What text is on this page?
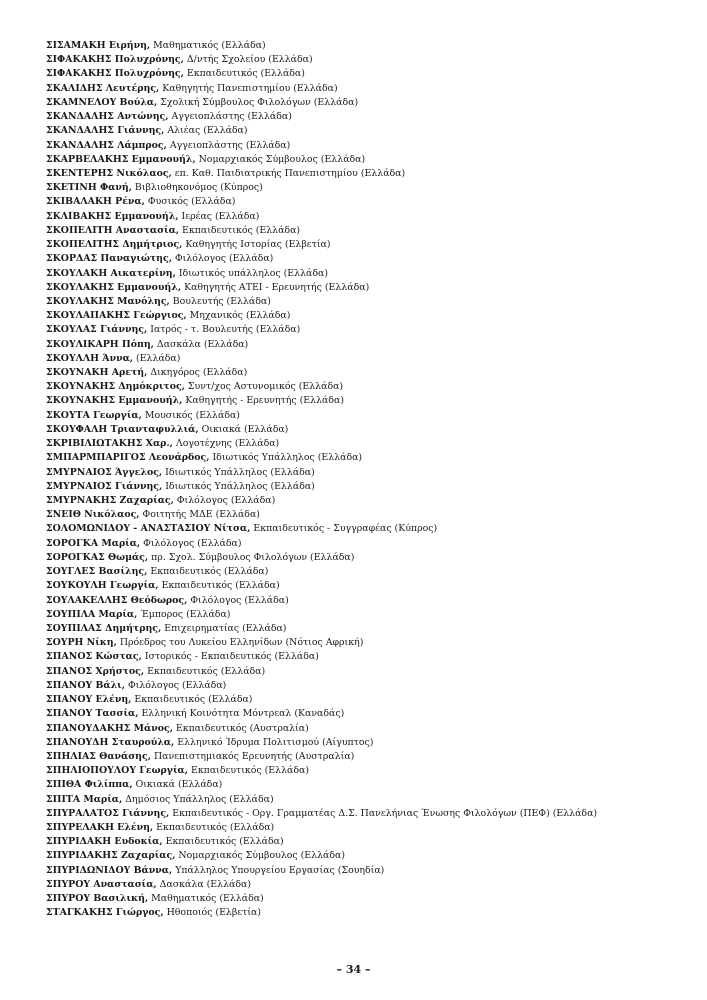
ΣΙΣΑΜΑΚΗ Ειρήνη, Μαθηματικός (Ελλάδα)
ΣΙΦΑΚΑΚΗΣ Πολυχρόνης, Δ/ντής Σχολείου (Ελλάδα)
ΣΙΦΑΚΑΚΗΣ Πολυχρόνης, Εκπαιδευτικός (Ελλάδα)
ΣΚΑΛΙΔΗΣ Λευτέρης, Καθηγητής Πανεπιστημίου (Ελλάδα)
ΣΚΑΜΝΕΛΟΥ Βούλα, Σχολική Σύμβουλος Φιλολόγων (Ελλάδα)
ΣΚΑΝΔΑΛΗΣ Αντώνης, Αγγειοπλάστης (Ελλάδα)
ΣΚΑΝΔΑΛΗΣ Γιάννης, Αλιέας (Ελλάδα)
ΣΚΑΝΔΑΛΗΣ Λάμπρος, Αγγειοπλάστης (Ελλάδα)
ΣΚΑΡΒΕΛΑΚΗΣ Εμμανουήλ, Νομαρχιακός Σύμβουλος (Ελλάδα)
ΣΚΕΝΤΕΡΗΣ Νικόλαος, επ. Καθ. Παιδιατρικής Πανεπιστημίου (Ελλάδα)
ΣΚΕΤΙΝΗ Φανή, Βιβλιοθηκονόμος (Κύπρος)
ΣΚΙΒΑΛΑΚΗ Ρένα, Φυσικός (Ελλάδα)
ΣΚΛΙΒΑΚΗΣ Εμμανουήλ, Ιερέας (Ελλάδα)
ΣΚΟΠΕΛΙΤΗ Αναστασία, Εκπαιδευτικός (Ελλάδα)
ΣΚΟΠΕΛΙΤΗΣ Δημήτριος, Καθηγητής Ιστορίας (Ελβετία)
ΣΚΟΡΔΑΣ Παναγιώτης, Φιλόλογος (Ελλάδα)
ΣΚΟΥΛΑΚΗ Αικατερίνη, Ιδιωτικός υπάλληλος (Ελλάδα)
ΣΚΟΥΛΑΚΗΣ Εμμανουήλ, Καθηγητής ΑΤΕΙ - Ερευνητής (Ελλάδα)
ΣΚΟΥΛΑΚΗΣ Μανόλης, Βουλευτής (Ελλάδα)
ΣΚΟΥΛΑΠΑΚΗΣ Γεώργιος, Μηχανικός (Ελλάδα)
ΣΚΟΥΛΑΣ Γιάννης, Ιατρός - τ. Βουλευτής (Ελλάδα)
ΣΚΟΥΛΙΚΑΡΗ Πόπη, Δασκάλα (Ελλάδα)
ΣΚΟΥΛΛΗ Άννα, (Ελλάδα)
ΣΚΟΥΝΑΚΗ Αρετή, Δικηγόρος (Ελλάδα)
ΣΚΟΥΝΑΚΗΣ Δημόκριτος, Συντ/χος Αστυνομικός (Ελλάδα)
ΣΚΟΥΝΑΚΗΣ Εμμανουήλ, Καθηγητής - Ερευνητής (Ελλάδα)
ΣΚΟΥΤΑ Γεωργία, Μουσικός (Ελλάδα)
ΣΚΟΥΦΑΛΗ Τριανταφυλλιά, Οικιακά (Ελλάδα)
ΣΚΡΙΒΙΛΙΩΤΑΚΗΣ Χαρ., Λογοτέχνης (Ελλάδα)
ΣΜΠΑΡΜΠΑΡΙΓΟΣ Λεονάρδος, Ιδιωτικός Υπάλληλος (Ελλάδα)
ΣΜΥΡΝΑΙΟΣ Άγγελος, Ιδιωτικός Υπάλληλος (Ελλάδα)
ΣΜΥΡΝΑΙΟΣ Γιάννης, Ιδιωτικός Υπάλληλος (Ελλάδα)
ΣΜΥΡΝΑΚΗΣ Ζαχαρίας, Φιλόλογος (Ελλάδα)
ΣΝΕΙΘ Νικόλαος, Φοιτητής ΜΔΕ (Ελλάδα)
ΣΟΛΟΜΩΝΙΔΟΥ - ΑΝΑΣΤΑΣΙΟΥ Νίτσα, Εκπαιδευτικός - Συγγραφέας (Κύπρος)
ΣΟΡΟΓΚΑ Μαρία, Φιλόλογος (Ελλάδα)
ΣΟΡΟΓΚΑΣ Θωμάς, πρ. Σχολ. Σύμβουλος Φιλολόγων (Ελλάδα)
ΣΟΥΓΛΕΣ Βασίλης, Εκπαιδευτικός (Ελλάδα)
ΣΟΥΚΟΥΛΗ Γεωργία, Εκπαιδευτικός (Ελλάδα)
ΣΟΥΛΑΚΕΛΛΗΣ Θεόδωρος, Φιλόλογος (Ελλάδα)
ΣΟΥΠΙΛΑ Μαρία, Έμπορος (Ελλάδα)
ΣΟΥΠΙΛΑΣ Δημήτρης, Επιχειρηματίας (Ελλάδα)
ΣΟΥΡΗ Νίκη, Πρόεδρος του Λυκείου Ελληνίδων (Νότιος Αφρική)
ΣΠΑΝΟΣ Κώστας, Ιστορικός - Εκπαιδευτικός (Ελλάδα)
ΣΠΑΝΟΣ Χρήστος, Εκπαιδευτικός (Ελλάδα)
ΣΠΑΝΟΥ Βάλι, Φιλόλογος (Ελλάδα)
ΣΠΑΝΟΥ Ελένη, Εκπαιδευτικός (Ελλάδα)
ΣΠΑΝΟΥ Τασσία, Ελληνική Κοινότητα Μόντρεαλ (Καναδάς)
ΣΠΑΝΟΥΔΑΚΗΣ Μάνος, Εκπαιδευτικός (Αυστραλία)
ΣΠΑΝΟΥΔΗ Σταυρούλα, Ελληνικό Ίδρυμα Πολιτισμού (Αίγυπτος)
ΣΠΗΛΙΑΣ Θανάσης, Πανεπιστημιακός Ερευνητής (Αυστραλία)
ΣΠΗΛΙΟΠΟΥΛΟΥ Γεωργία, Εκπαιδευτικός (Ελλάδα)
ΣΠΙΘΑ Φιλίππα, Οικιακά (Ελλάδα)
ΣΠΙΤΑ Μαρία, Δημόσιος Υπάλληλος (Ελλάδα)
ΣΠΥΡΑΛΑΤΟΣ Γιάννης, Εκπαιδευτικός - Οργ. Γραμματέας Δ.Σ. Πανελήνιας Ένωσης Φιλολόγων (ΠΕΦ) (Ελλάδα)
ΣΠΥΡΕΛΑΚΗ Ελένη, Εκπαιδευτικός (Ελλάδα)
ΣΠΥΡΙΔΑΚΗ Ευδοκία, Εκπαιδευτικός (Ελλάδα)
ΣΠΥΡΙΔΑΚΗΣ Ζαχαρίας, Νομαρχιακός Σύμβουλος (Ελλάδα)
ΣΠΥΡΙΔΩΝΙΔΟΥ Βάννα, Υπάλληλος Υπουργείου Εργασίας (Σουηδία)
ΣΠΥΡΟΥ Αναστασία, Δασκάλα (Ελλάδα)
ΣΠΥΡΟΥ Βασιλική, Μαθηματικός (Ελλάδα)
ΣΤΑΓΚΑΚΗΣ Γιώργος, Ηθοποιός (Ελβετία)
– 34 –
